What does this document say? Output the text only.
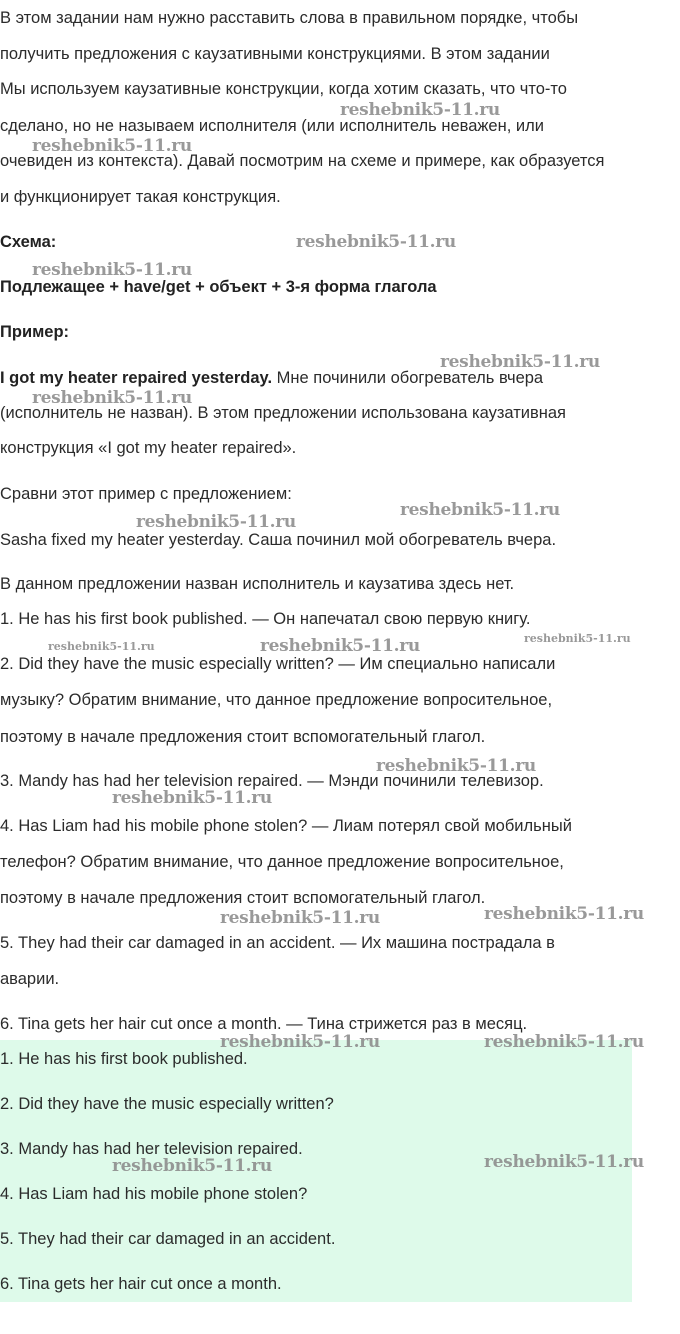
В этом задании нам нужно расставить слова в правильном порядке, чтобы
получить предложения с каузативными конструкциями. В этом задании
Мы используем каузативные конструкции, когда хотим сказать, что что-то
сделано, но не называем исполнителя (или исполнитель неважен, или
очевиден из контекста). Давай посмотрим на схеме и примере, как образуется
и функционирует такая конструкция.
Схема:
Подлежащее + have/get + объект + 3-я форма глагола
Пример:
I got my heater repaired yesterday. Мне починили обогреватель вчера
(исполнитель не назван). В этом предложении использована каузативная
конструкция «I got my heater repaired».
Сравни этот пример с предложением:
Sasha fixed my heater yesterday. Саша починил мой обогреватель вчера.
В данном предложении назван исполнитель и каузатива здесь нет.
1. He has his first book published. — Он напечатал свою первую книгу.
2. Did they have the music especially written? — Им специально написали
музыку? Обратим внимание, что данное предложение вопросительное,
поэтому в начале предложения стоит вспомогательный глагол.
3. Mandy has had her television repaired. — Мэнди починили телевизор.
4. Has Liam had his mobile phone stolen? — Лиам потерял свой мобильный
телефон? Обратим внимание, что данное предложение вопросительное,
поэтому в начале предложения стоит вспомогательный глагол.
5. They had their car damaged in an accident. — Их машина пострадала в
аварии.
6. Tina gets her hair cut once a month. — Тина стрижется раз в месяц.
1. He has his first book published.
2. Did they have the music especially written?
3. Mandy has had her television repaired.
4. Has Liam had his mobile phone stolen?
5. They had their car damaged in an accident.
6. Tina gets her hair cut once a month.
reshebnik5-11.ru
reshebnik5-11.ru
reshebnik5-11.ru
reshebnik5-11.ru
reshebnik5-11.ru
reshebnik5-11.ru
reshebnik5-11.ru
reshebnik5-11.ru
reshebnik5-11.ru	reshebnik5-11.ru	reshebnik5-11.ru
reshebnik5-11.ru
reshebnik5-11.ru
reshebnik5-11.ru	reshebnik5-11.ru
reshebnik5-11.ru	reshebnik5-11.ru
reshebnik5-11.ru	reshebnik5-11.ru
